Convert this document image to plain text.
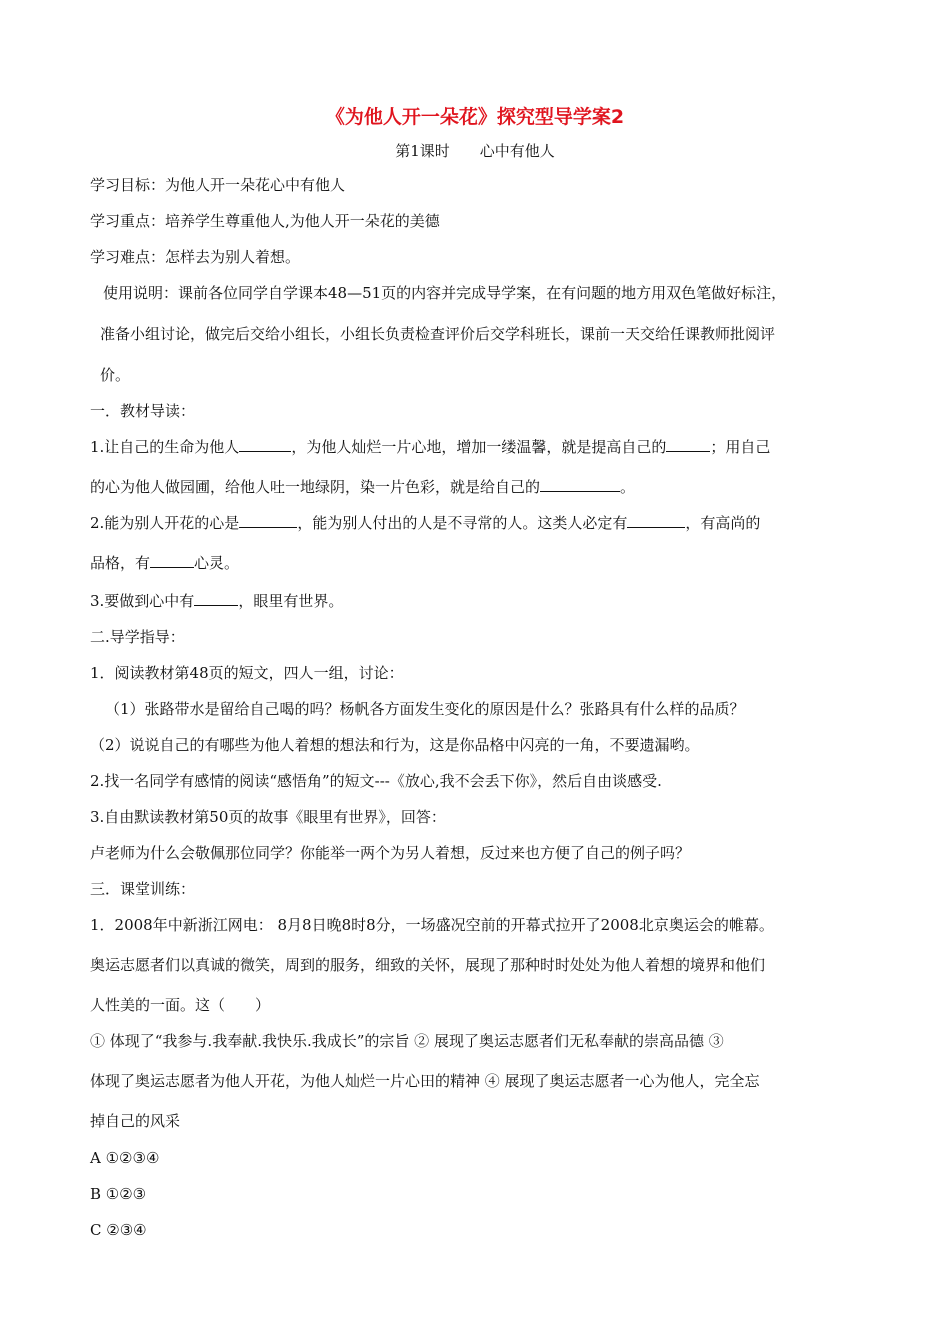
《为他人开一朵花》探究型导学案2
第1课时 心中有他人
学习目标：为他人开一朵花心中有他人
学习重点：培养学生尊重他人,为他人开一朵花的美德
学习难点：怎样去为别人着想。
使用说明：课前各位同学自学课本48—51页的内容并完成导学案，在有问题的地方用双色笔做好标注，
准备小组讨论，做完后交给小组长，小组长负责检查评价后交学科班长，课前一天交给任课教师批阅评
价。
一．教材导读：
1.让自己的生命为他人	，为他人灿烂一片心地，增加一缕温馨，就是提高自己的	；用自己
的心为他人做园圃，给他人吐一地绿阴，染一片色彩，就是给自己的	。
2.能为别人开花的心是	，能为别人付出的人是不寻常的人。这类人必定有	，有高尚的
品格，有	心灵。
3.要做到心中有	，眼里有世界。
二.导学指导：
1．阅读教材第48页的短文，四人一组，讨论：
（1）张路带水是留给自己喝的吗？杨帆各方面发生变化的原因是什么？张路具有什么样的品质？
（2）说说自己的有哪些为他人着想的想法和行为，这是你品格中闪亮的一角，不要遗漏哟。
2.找一名同学有感情的阅读“感悟角”的短文---《放心,我不会丢下你》，然后自由谈感受.
3.自由默读教材第50页的故事《眼里有世界》，回答：
卢老师为什么会敬佩那位同学？你能举一两个为另人着想，反过来也方便了自己的例子吗？
三．课堂训练：
1．2008年中新浙江网电： 8月8日晚8时8分，一场盛况空前的开幕式拉开了2008北京奥运会的帷幕。
奥运志愿者们以真诚的微笑，周到的服务，细致的关怀，展现了那种时时处处为他人着想的境界和他们
人性美的一面。这（　　）
① 体现了“我参与.我奉献.我快乐.我成长”的宗旨 ② 展现了奥运志愿者们无私奉献的崇高品德 ③
体现了奥运志愿者为他人开花，为他人灿烂一片心田的精神 ④ 展现了奥运志愿者一心为他人，完全忘
掉自己的风采
A ①②③④
B ①②③
C ②③④
